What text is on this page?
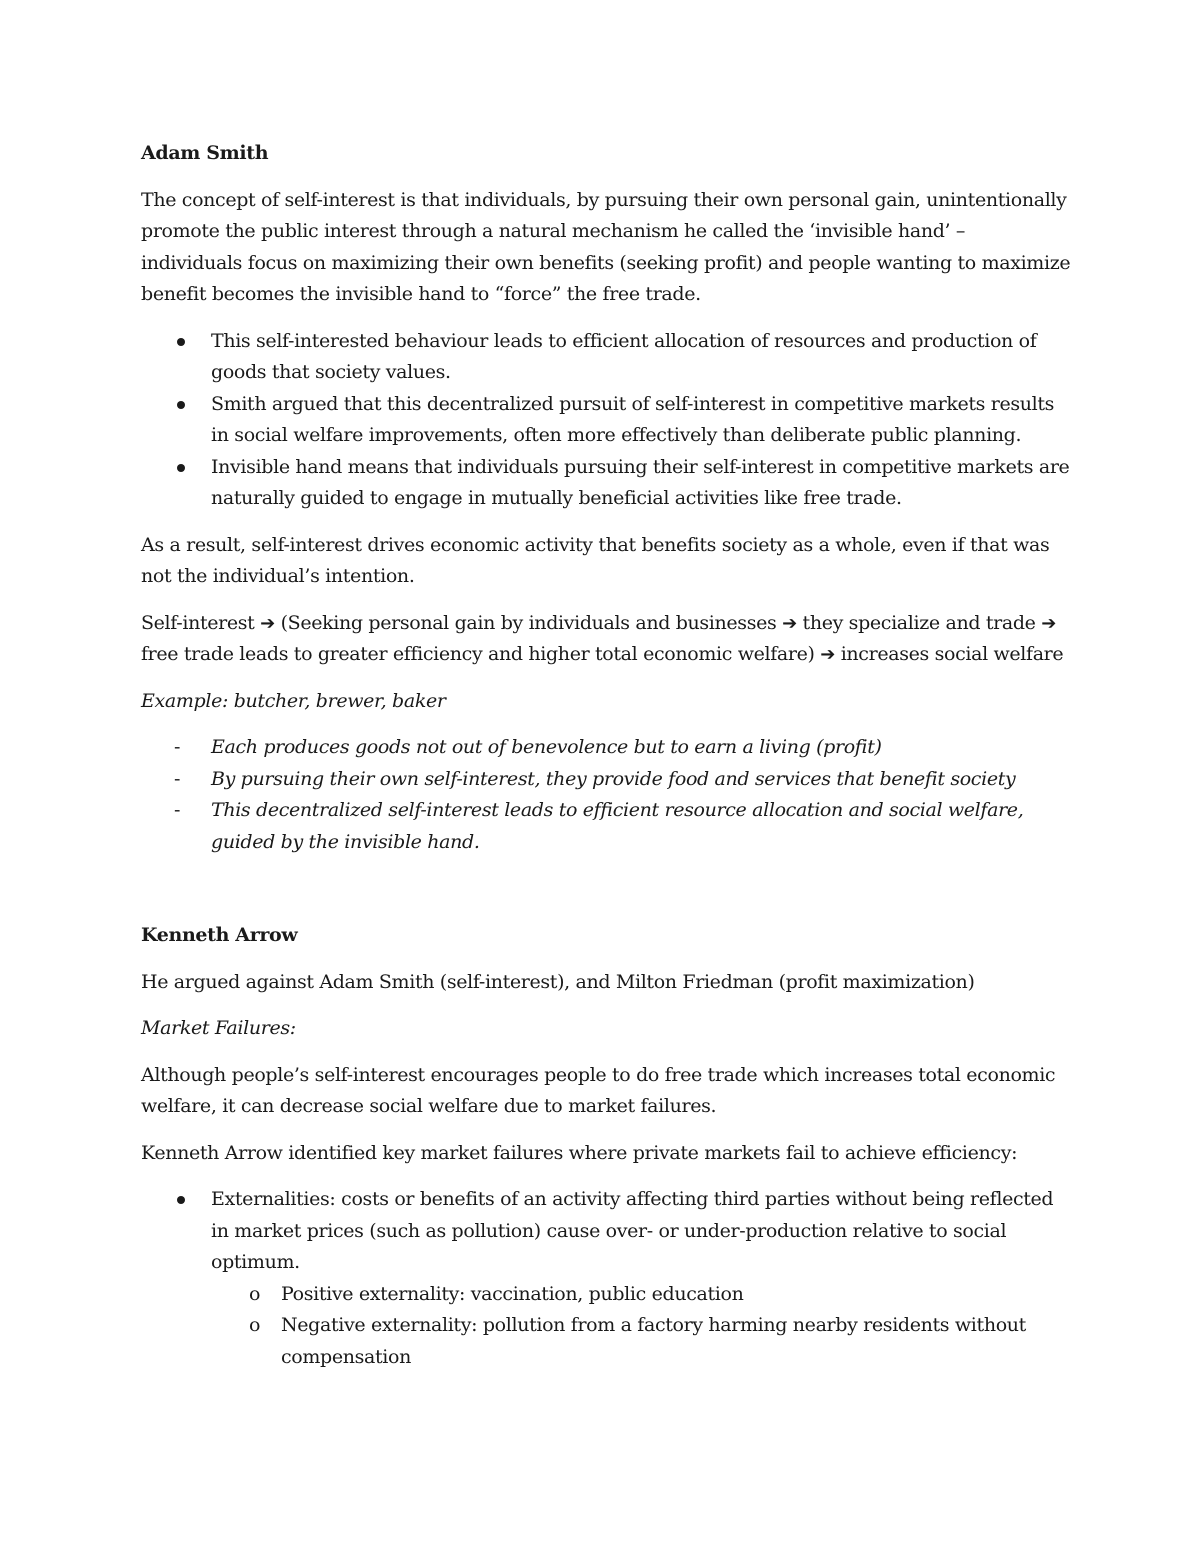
Adam Smith

The concept of self-interest is that individuals, by pursuing their own personal gain, unintentionally promote the public interest through a natural mechanism he called the ‘invisible hand’ – individuals focus on maximizing their own benefits (seeking profit) and people wanting to maximize benefit becomes the invisible hand to “force” the free trade.

This self-interested behaviour leads to efficient allocation of resources and production of goods that society values.
Smith argued that this decentralized pursuit of self-interest in competitive markets results in social welfare improvements, often more effectively than deliberate public planning.
Invisible hand means that individuals pursuing their self-interest in competitive markets are naturally guided to engage in mutually beneficial activities like free trade.

As a result, self-interest drives economic activity that benefits society as a whole, even if that was not the individual’s intention.

Self-interest ➔ (Seeking personal gain by individuals and businesses ➔ they specialize and trade ➔ free trade leads to greater efficiency and higher total economic welfare) ➔ increases social welfare

Example: butcher, brewer, baker

- Each produces goods not out of benevolence but to earn a living (profit)
- By pursuing their own self-interest, they provide food and services that benefit society
- This decentralized self-interest leads to efficient resource allocation and social welfare, guided by the invisible hand.
Kenneth Arrow

He argued against Adam Smith (self-interest), and Milton Friedman (profit maximization)

Market Failures:

Although people’s self-interest encourages people to do free trade which increases total economic welfare, it can decrease social welfare due to market failures.

Kenneth Arrow identified key market failures where private markets fail to achieve efficiency:

Externalities: costs or benefits of an activity affecting third parties without being reflected in market prices (such as pollution) cause over- or under-production relative to social optimum.
o	Positive externality: vaccination, public education
o	Negative externality: pollution from a factory harming nearby residents without compensation
